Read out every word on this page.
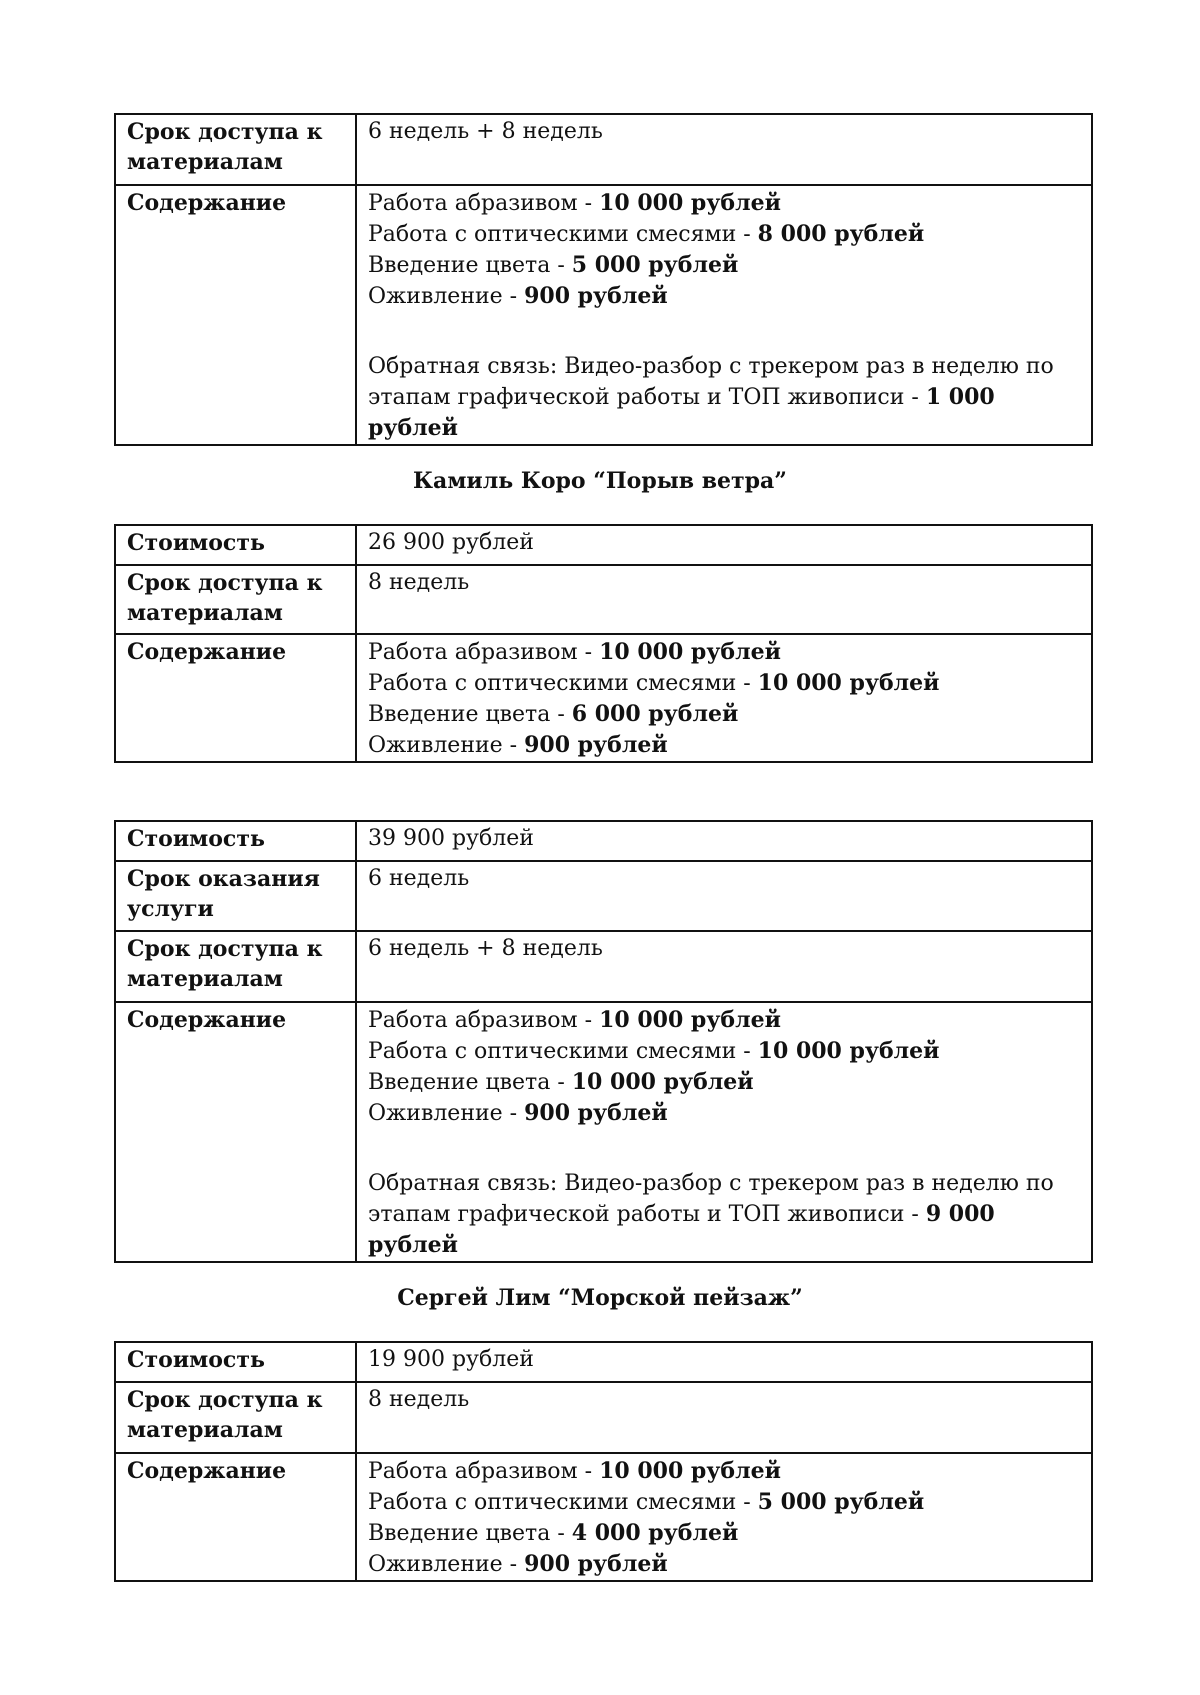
Срок доступа к материалам	6 недель + 8 недель

Содержание	Работа абразивом - 10 000 рублей
Работа с оптическими смесями - 8 000 рублей
Введение цвета - 5 000 рублей
Оживление - 900 рублей
Обратная связь: Видео-разбор с трекером раз в неделю по этапам графической работы и ТОП живописи - 1 000 рублей

Камиль Коро “Порыв ветра”

Стоимость	26 900 рублей

Срок доступа к материалам	8 недель

Содержание	Работа абразивом - 10 000 рублей
Работа с оптическими смесями - 10 000 рублей
Введение цвета - 6 000 рублей
Оживление - 900 рублей
Стоимость	39 900 рублей

Срок оказания услуги	6 недель

Срок доступа к материалам	6 недель + 8 недель

Содержание	Работа абразивом - 10 000 рублей
Работа с оптическими смесями - 10 000 рублей
Введение цвета - 10 000 рублей
Оживление - 900 рублей
Обратная связь: Видео-разбор с трекером раз в неделю по этапам графической работы и ТОП живописи - 9 000 рублей

Сергей Лим “Морской пейзаж”

Стоимость	19 900 рублей

Срок доступа к материалам	8 недель

Содержание	Работа абразивом - 10 000 рублей
Работа с оптическими смесями - 5 000 рублей
Введение цвета - 4 000 рублей
Оживление - 900 рублей
